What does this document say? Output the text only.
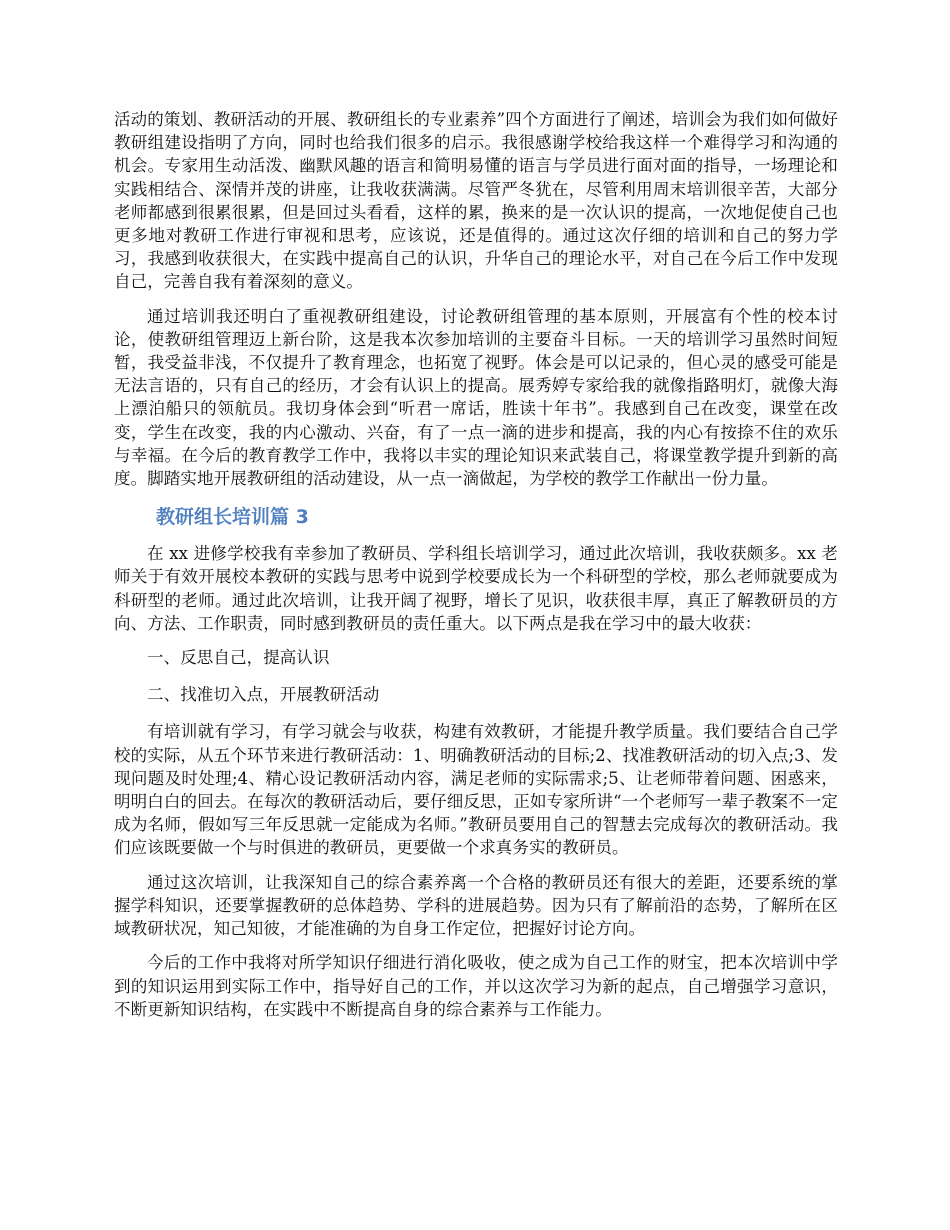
活动的策划、教研活动的开展、教研组长的专业素养”四个方面进行了阐述，培训会为我们如何做好教研组建设指明了方向，同时也给我们很多的启示。我很感谢学校给我这样一个难得学习和沟通的机会。专家用生动活泼、幽默风趣的语言和简明易懂的语言与学员进行面对面的指导，一场理论和实践相结合、深情并茂的讲座，让我收获满满。尽管严冬犹在，尽管利用周末培训很辛苦，大部分老师都感到很累很累，但是回过头看看，这样的累，换来的是一次认识的提高，一次地促使自己也更多地对教研工作进行审视和思考，应该说，还是值得的。通过这次仔细的培训和自己的努力学习，我感到收获很大，在实践中提高自己的认识，升华自己的理论水平，对自己在今后工作中发现自己，完善自我有着深刻的意义。

通过培训我还明白了重视教研组建设，讨论教研组管理的基本原则，开展富有个性的校本讨论，使教研组管理迈上新台阶，这是我本次参加培训的主要奋斗目标。一天的培训学习虽然时间短暂，我受益非浅，不仅提升了教育理念，也拓宽了视野。体会是可以记录的，但心灵的感受可能是无法言语的，只有自己的经历，才会有认识上的提高。展秀婷专家给我的就像指路明灯，就像大海上漂泊船只的领航员。我切身体会到“听君一席话，胜读十年书”。我感到自己在改变，课堂在改变，学生在改变，我的内心激动、兴奋，有了一点一滴的进步和提高，我的内心有按捺不住的欢乐与幸福。在今后的教育教学工作中，我将以丰实的理论知识来武装自己，将课堂教学提升到新的高度。脚踏实地开展教研组的活动建设，从一点一滴做起，为学校的教学工作献出一份力量。

教研组长培训篇 3

在 xx 进修学校我有幸参加了教研员、学科组长培训学习，通过此次培训，我收获颇多。xx 老师关于有效开展校本教研的实践与思考中说到学校要成长为一个科研型的学校，那么老师就要成为科研型的老师。通过此次培训，让我开阔了视野，增长了见识，收获很丰厚，真正了解教研员的方向、方法、工作职责，同时感到教研员的责任重大。以下两点是我在学习中的最大收获：

一、反思自己，提高认识

二、找准切入点，开展教研活动

有培训就有学习，有学习就会与收获，构建有效教研，才能提升教学质量。我们要结合自己学校的实际，从五个环节来进行教研活动：1、明确教研活动的目标;2、找准教研活动的切入点;3、发现问题及时处理;4、精心设记教研活动内容，满足老师的实际需求;5、让老师带着问题、困惑来，明明白白的回去。在每次的教研活动后，要仔细反思，正如专家所讲“一个老师写一辈子教案不一定成为名师，假如写三年反思就一定能成为名师。”教研员要用自己的智慧去完成每次的教研活动。我们应该既要做一个与时俱进的教研员，更要做一个求真务实的教研员。

通过这次培训，让我深知自己的综合素养离一个合格的教研员还有很大的差距，还要系统的掌握学科知识，还要掌握教研的总体趋势、学科的进展趋势。因为只有了解前沿的态势，了解所在区域教研状况，知己知彼，才能准确的为自身工作定位，把握好讨论方向。

今后的工作中我将对所学知识仔细进行消化吸收，使之成为自己工作的财宝，把本次培训中学到的知识运用到实际工作中，指导好自己的工作，并以这次学习为新的起点，自己增强学习意识，不断更新知识结构，在实践中不断提高自身的综合素养与工作能力。
